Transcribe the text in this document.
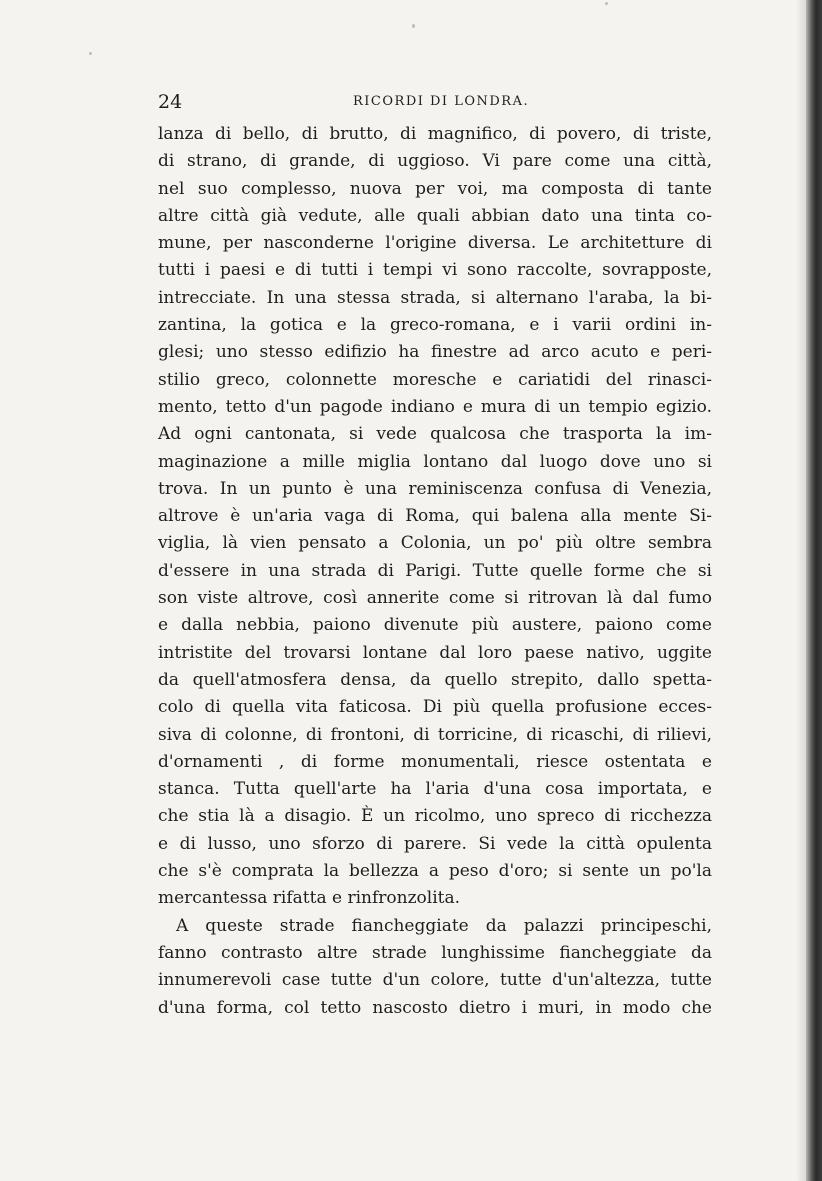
24	RICORDI DI LONDRA.
lanza di bello, di brutto, di magnifico, di povero, di triste,
di strano, di grande, di uggioso. Vi pare come una città,
nel suo complesso, nuova per voi, ma composta di tante
altre città già vedute, alle quali abbian dato una tinta co-
mune, per nasconderne l'origine diversa. Le architetture di
tutti i paesi e di tutti i tempi vi sono raccolte, sovrapposte,
intrecciate. In una stessa strada, si alternano l'araba, la bi-
zantina, la gotica e la greco-romana, e i varii ordini in-
glesi; uno stesso edifizio ha finestre ad arco acuto e peri-
stilio greco, colonnette moresche e cariatidi del rinasci-
mento, tetto d'un pagode indiano e mura di un tempio egizio.
Ad ogni cantonata, si vede qualcosa che trasporta la im-
maginazione a mille miglia lontano dal luogo dove uno si
trova. In un punto è una reminiscenza confusa di Venezia,
altrove è un'aria vaga di Roma, qui balena alla mente Si-
viglia, là vien pensato a Colonia, un po' più oltre sembra
d'essere in una strada di Parigi. Tutte quelle forme che si
son viste altrove, così annerite come si ritrovan là dal fumo
e dalla nebbia, paiono divenute più austere, paiono come
intristite del trovarsi lontane dal loro paese nativo, uggite
da quell'atmosfera densa, da quello strepito, dallo spetta-
colo di quella vita faticosa. Di più quella profusione ecces-
siva di colonne, di frontoni, di torricine, di ricaschi, di rilievi,
d'ornamenti , di forme monumentali, riesce ostentata e
stanca. Tutta quell'arte ha l'aria d'una cosa importata, e
che stia là a disagio. È un ricolmo, uno spreco di ricchezza
e di lusso, uno sforzo di parere. Si vede la città opulenta
che s'è comprata la bellezza a peso d'oro; si sente un po'la
mercantessa rifatta e rinfronzolita.
A queste strade fiancheggiate da palazzi principeschi,
fanno contrasto altre strade lunghissime fiancheggiate da
innumerevoli case tutte d'un colore, tutte d'un'altezza, tutte
d'una forma, col tetto nascosto dietro i muri, in modo che
